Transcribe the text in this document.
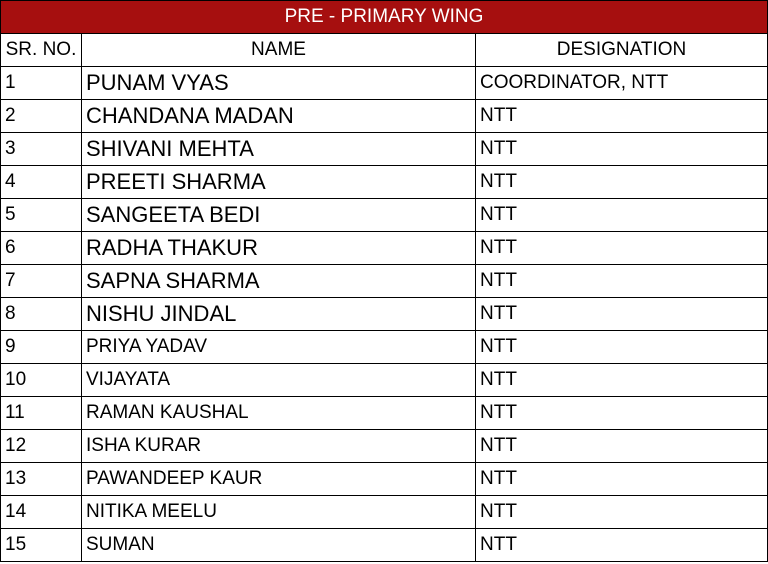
PRE - PRIMARY WING		
SR. NO.	NAME	DESIGNATION
1	PUNAM VYAS	COORDINATOR, NTT
2	CHANDANA MADAN	NTT
3	SHIVANI MEHTA	NTT
4	PREETI SHARMA	NTT
5	SANGEETA BEDI	NTT
6	RADHA THAKUR	NTT
7	SAPNA SHARMA	NTT
8	NISHU JINDAL	NTT
9	PRIYA YADAV	NTT
10	VIJAYATA	NTT
11	RAMAN KAUSHAL	NTT
12	ISHA KURAR	NTT
13	PAWANDEEP KAUR	NTT
14	NITIKA MEELU	NTT
15	SUMAN	NTT
